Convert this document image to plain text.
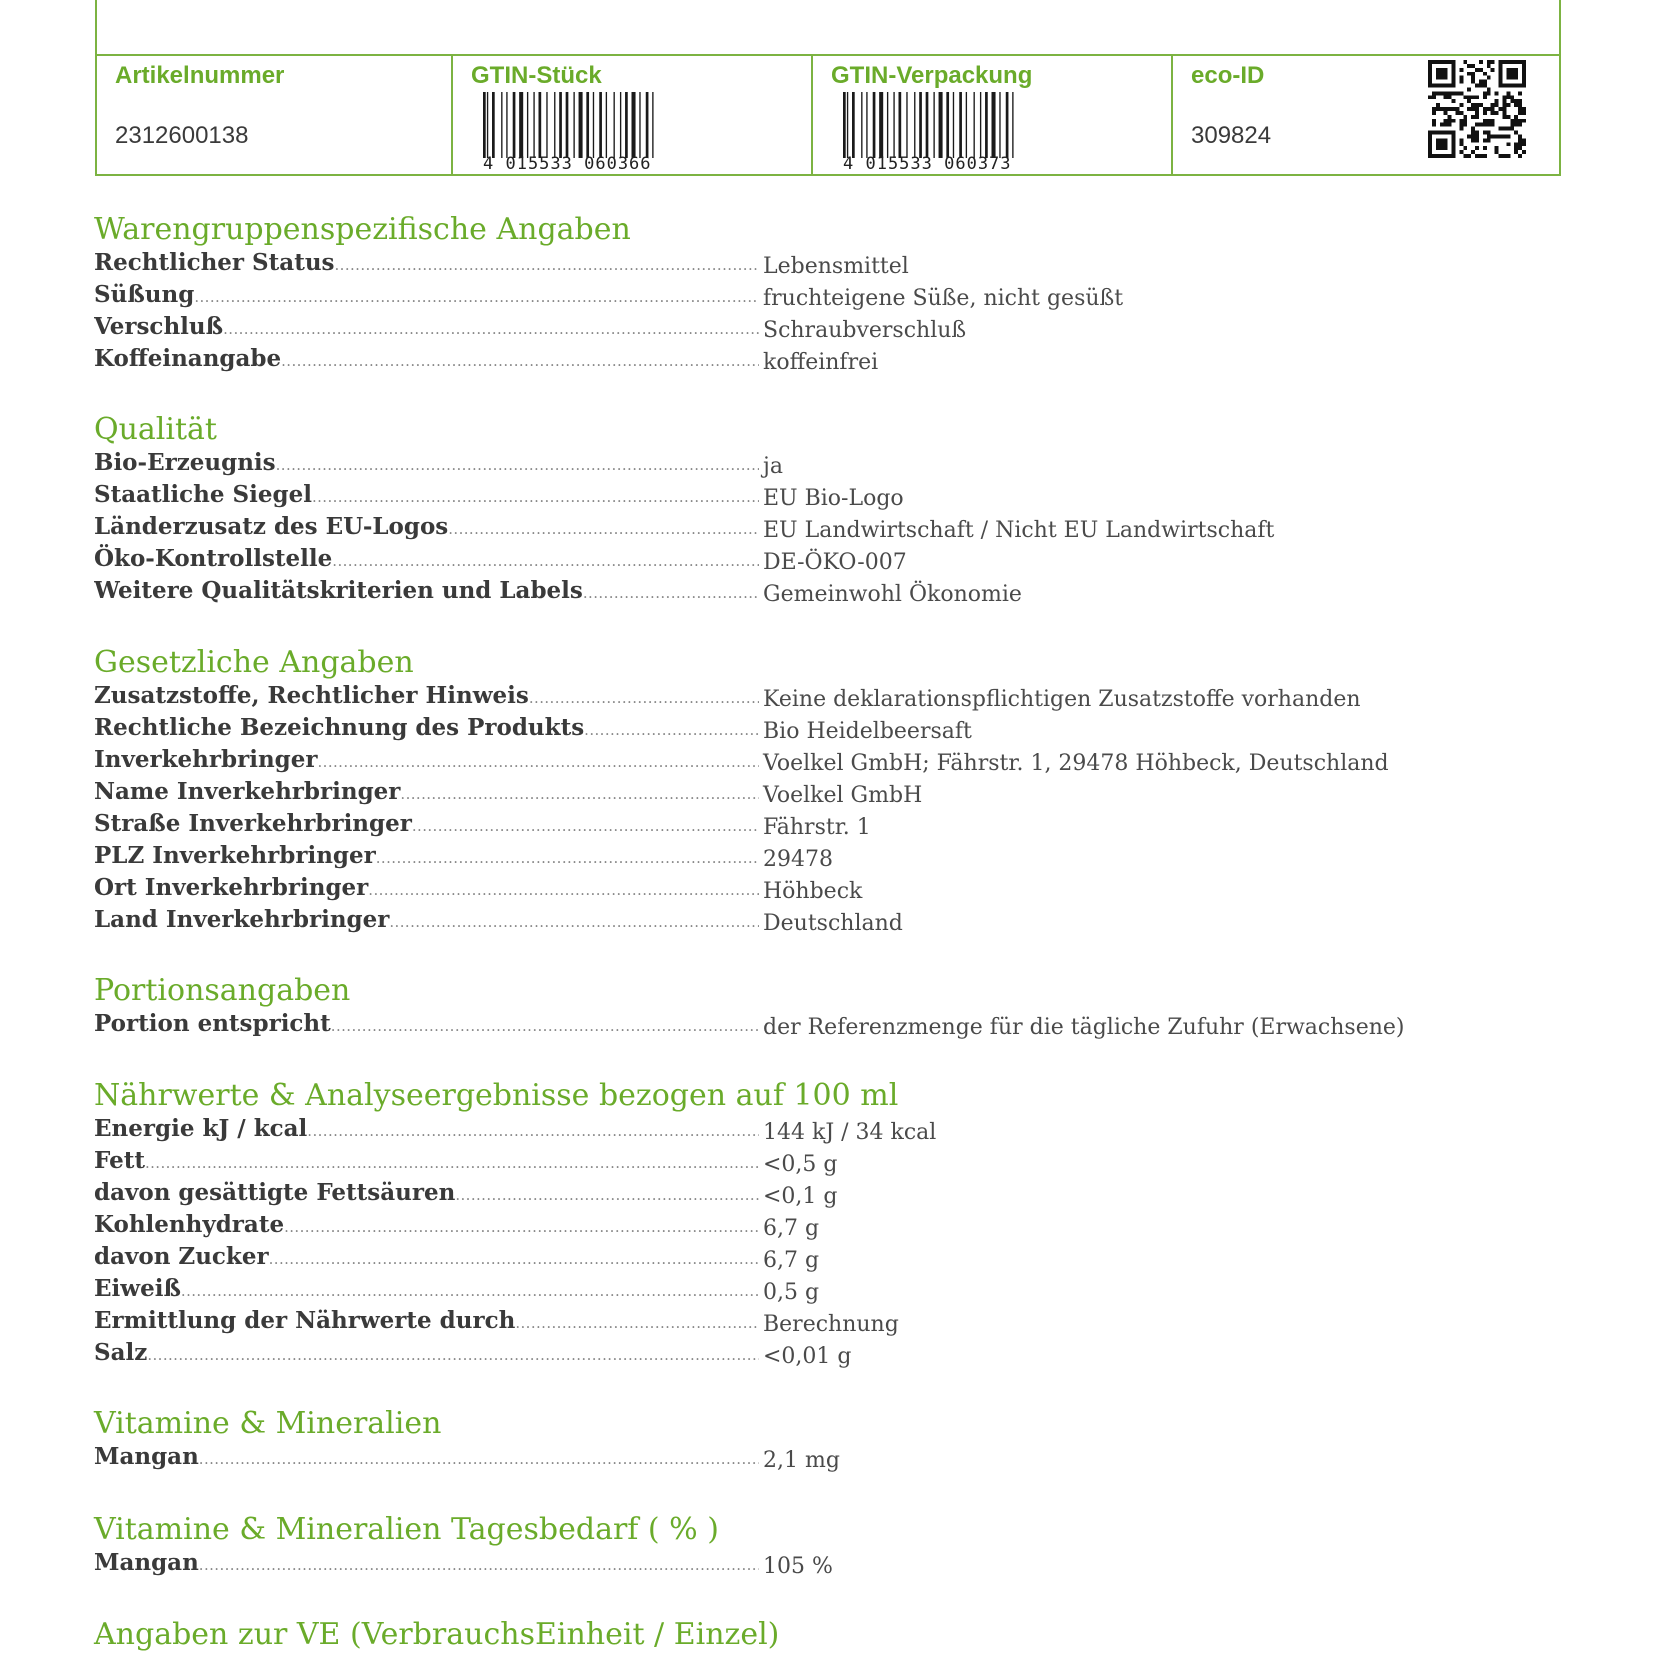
Artikelnummer
2312600138
GTIN-Stück
4 015533 060366
GTIN-Verpackung
4 015533 060373
eco-ID
309824
Warengruppenspezifische Angaben
Rechtlicher Status .....	Lebensmittel
Süßung .....	fruchteigene Süße, nicht gesüßt
Verschluß .....	Schraubverschluß
Koffeinangabe .....	koffeinfrei
Qualität
Bio-Erzeugnis .....	ja
Staatliche Siegel .....	EU Bio-Logo
Länderzusatz des EU-Logos .....	EU Landwirtschaft / Nicht EU Landwirtschaft
Öko-Kontrollstelle .....	DE-ÖKO-007
Weitere Qualitätskriterien und Labels .....	Gemeinwohl Ökonomie
Gesetzliche Angaben
Zusatzstoffe, Rechtlicher Hinweis .....	Keine deklarationspflichtigen Zusatzstoffe vorhanden
Rechtliche Bezeichnung des Produkts .....	Bio Heidelbeersaft
Inverkehrbringer .....	Voelkel GmbH; Fährstr. 1, 29478 Höhbeck, Deutschland
Name Inverkehrbringer .....	Voelkel GmbH
Straße Inverkehrbringer .....	Fährstr. 1
PLZ Inverkehrbringer .....	29478
Ort Inverkehrbringer .....	Höhbeck
Land Inverkehrbringer .....	Deutschland
Portionsangaben
Portion entspricht .....	der Referenzmenge für die tägliche Zufuhr (Erwachsene)
Nährwerte & Analyseergebnisse bezogen auf 100 ml
Energie kJ / kcal .....	144 kJ / 34 kcal
Fett .....	<0,5 g
davon gesättigte Fettsäuren .....	<0,1 g
Kohlenhydrate .....	6,7 g
davon Zucker .....	6,7 g
Eiweiß .....	0,5 g
Ermittlung der Nährwerte durch .....	Berechnung
Salz .....	<0,01 g
Vitamine & Mineralien
Mangan .....	2,1 mg
Vitamine & Mineralien Tagesbedarf ( % )
Mangan .....	105 %
Angaben zur VE (VerbrauchsEinheit / Einzel)
